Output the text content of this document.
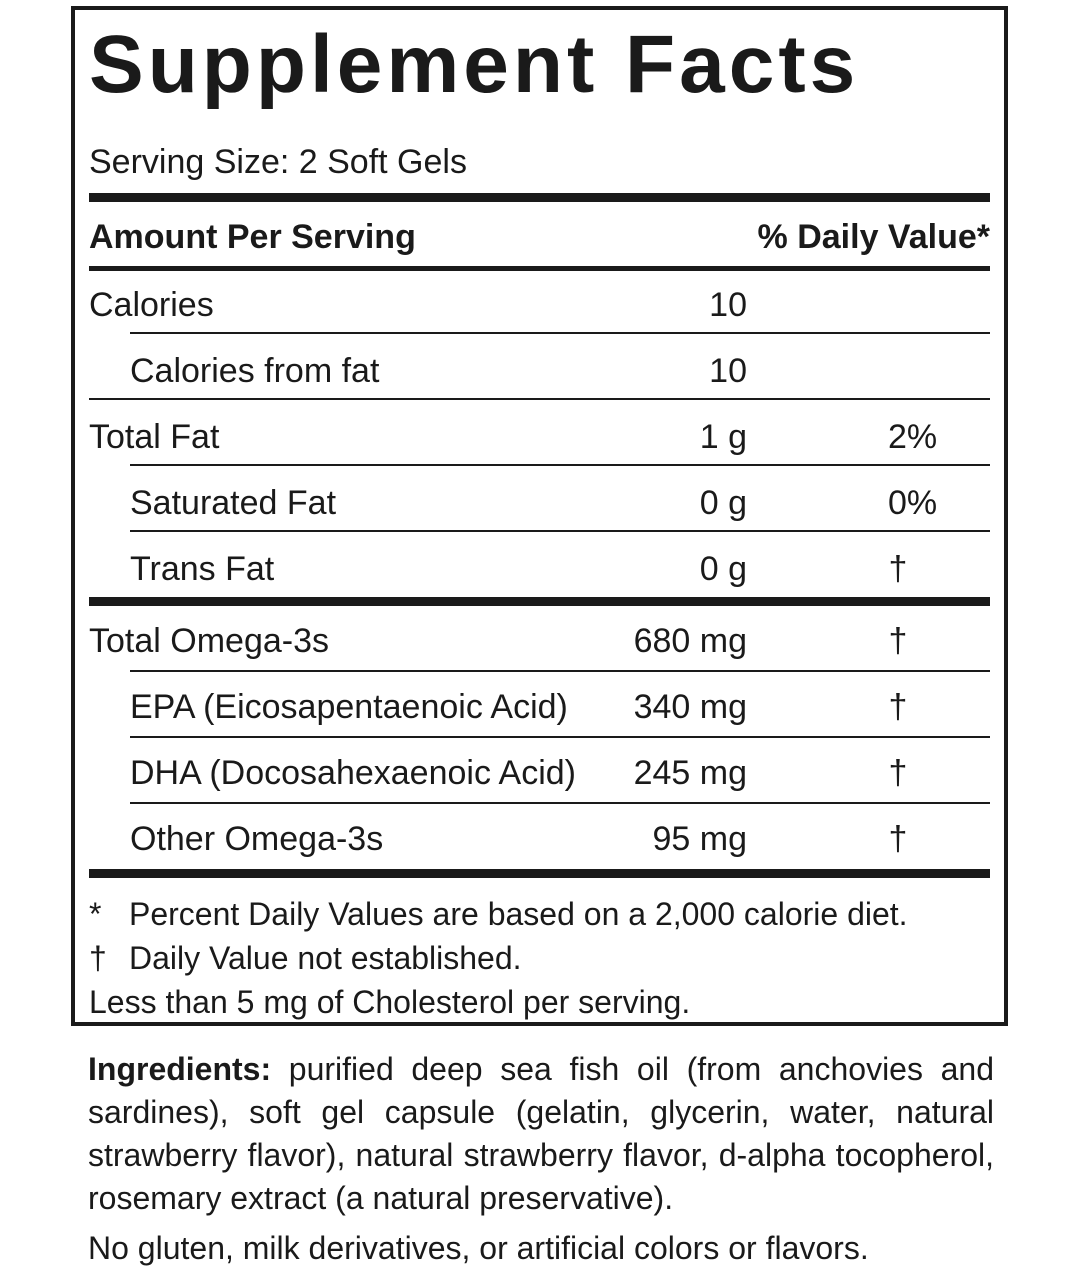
Supplement Facts
Serving Size: 2 Soft Gels
Amount Per Serving	% Daily Value*
Calories	10
Calories from fat	10
Total Fat	1 g	2%
Saturated Fat	0 g	0%
Trans Fat	0 g	†
Total Omega-3s	680 mg	†
EPA (Eicosapentaenoic Acid) 340 mg	†
DHA (Docosahexaenoic Acid) 245 mg	†
Other Omega-3s	95 mg	†
* Percent Daily Values are based on a 2,000 calorie diet.
† Daily Value not established.
Less than 5 mg of Cholesterol per serving.

Ingredients: purified deep sea fish oil (from anchovies and sardines), soft gel capsule (gelatin, glycerin, water, natural strawberry flavor), natural strawberry flavor, d-alpha tocopherol, rosemary extract (a natural preservative).

No gluten, milk derivatives, or artificial colors or flavors.
